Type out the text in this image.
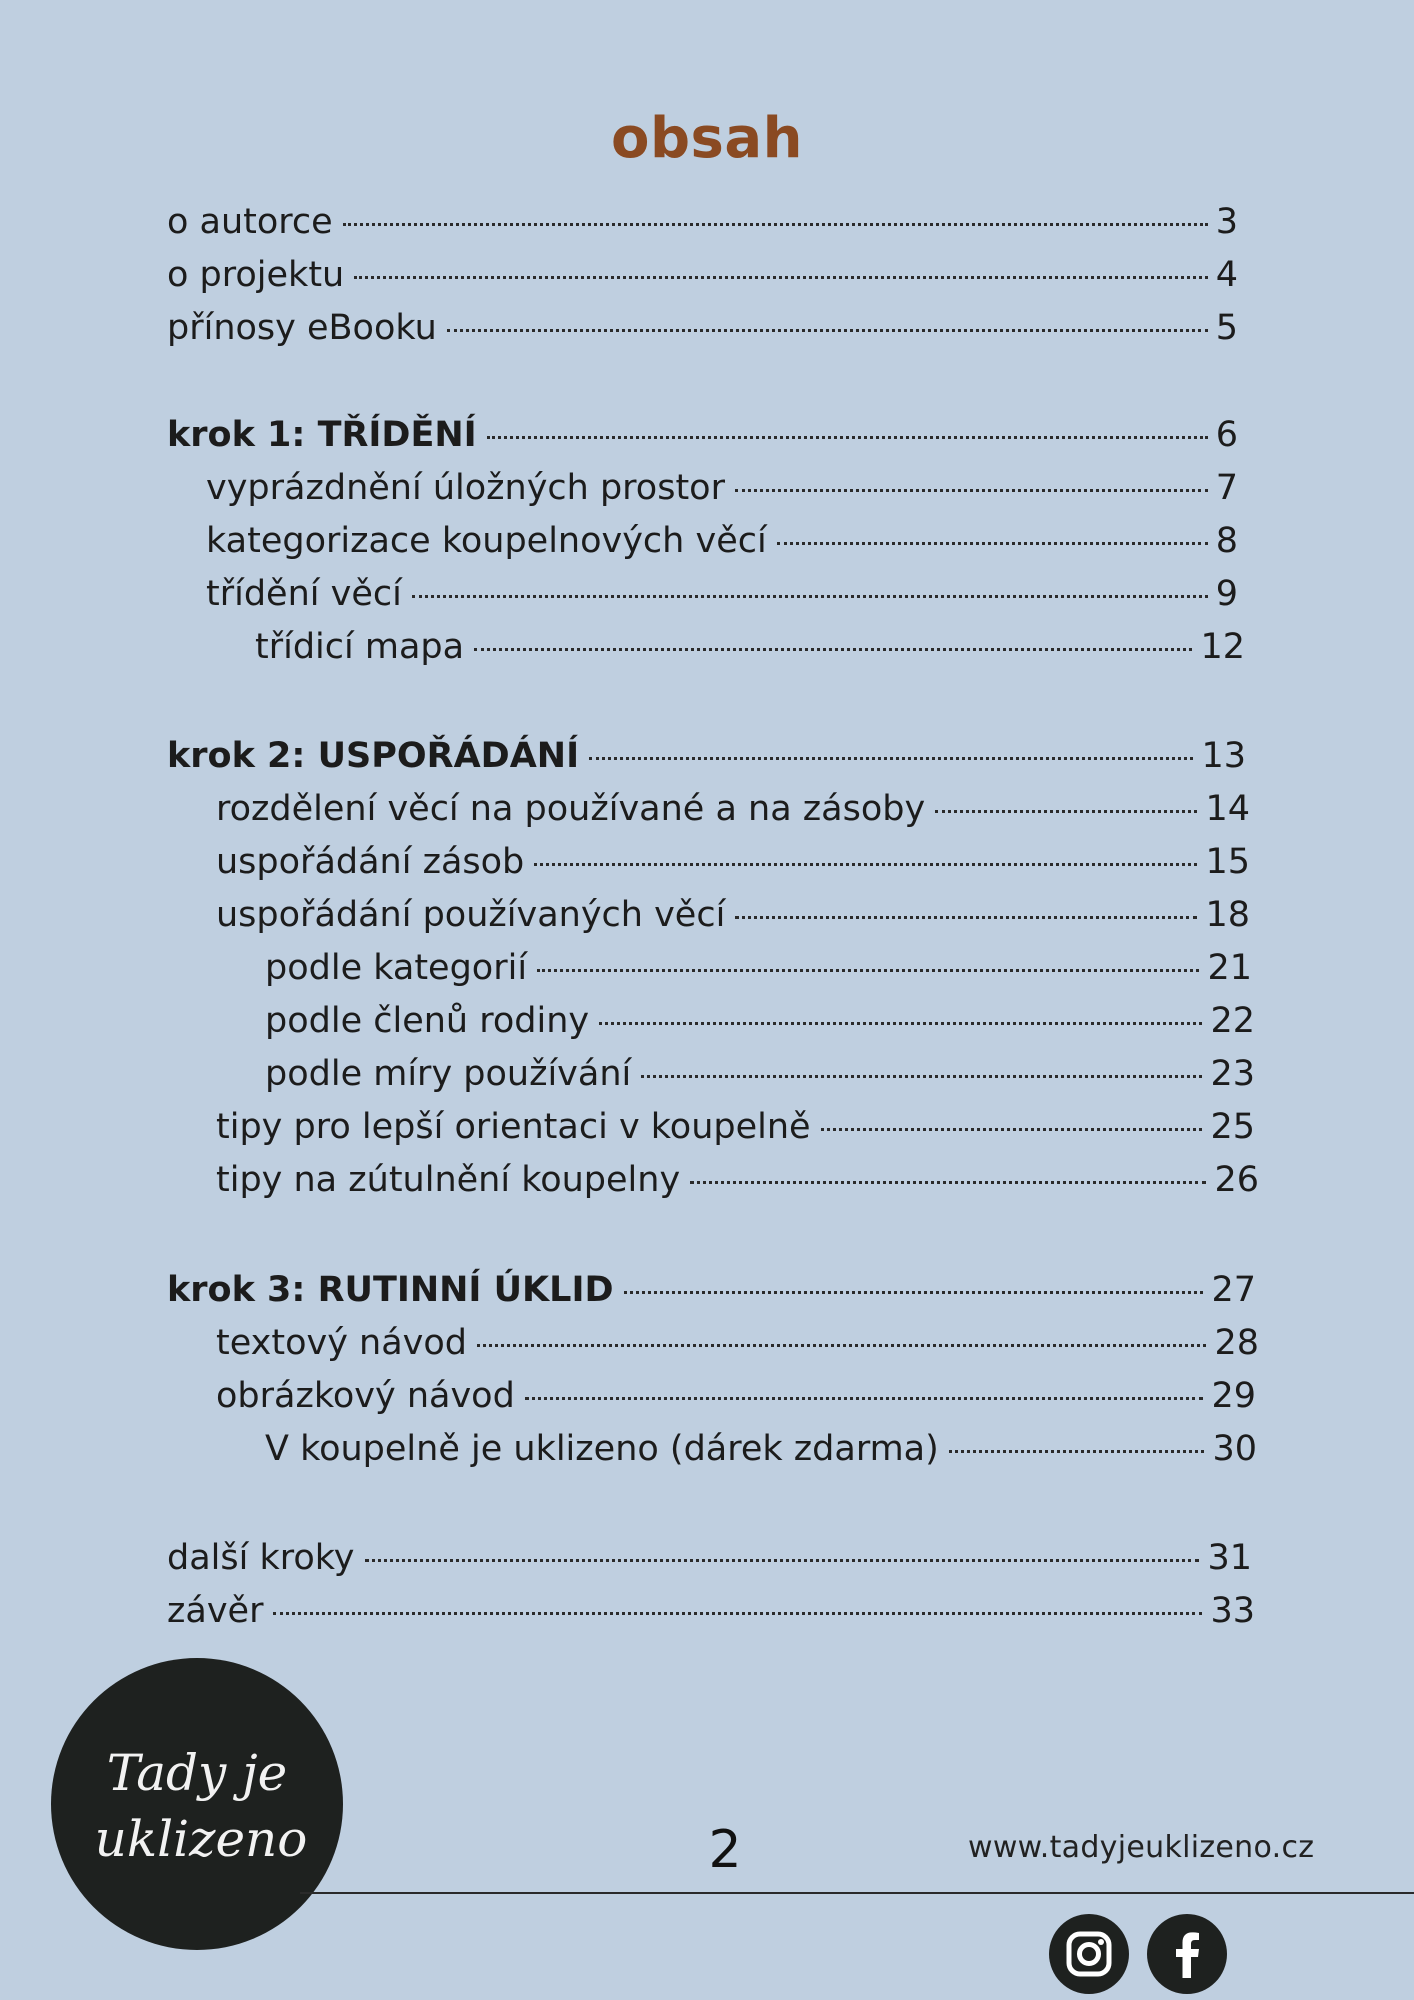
obsah
o autorce	3
o projektu	4
přínosy eBooku	5
krok 1: TŘÍDĚNÍ	6
vyprázdnění úložných prostor	7
kategorizace koupelnových věcí	8
třídění věcí	9
třídicí mapa	12
krok 2: USPOŘÁDÁNÍ	13
rozdělení věcí na používané a na zásoby	14
uspořádání zásob	15
uspořádání používaných věcí	18
podle kategorií	21
podle členů rodiny	22
podle míry používání	23
tipy pro lepší orientaci v koupelně	25
tipy na zútulnění koupelny	26
krok 3: RUTINNÍ ÚKLID	27
textový návod	28
obrázkový návod	29
V koupelně je uklizeno (dárek zdarma)	30
další kroky	31
závěr	33
Tady je
uklizeno	2	www.tadyjeuklizeno.cz
